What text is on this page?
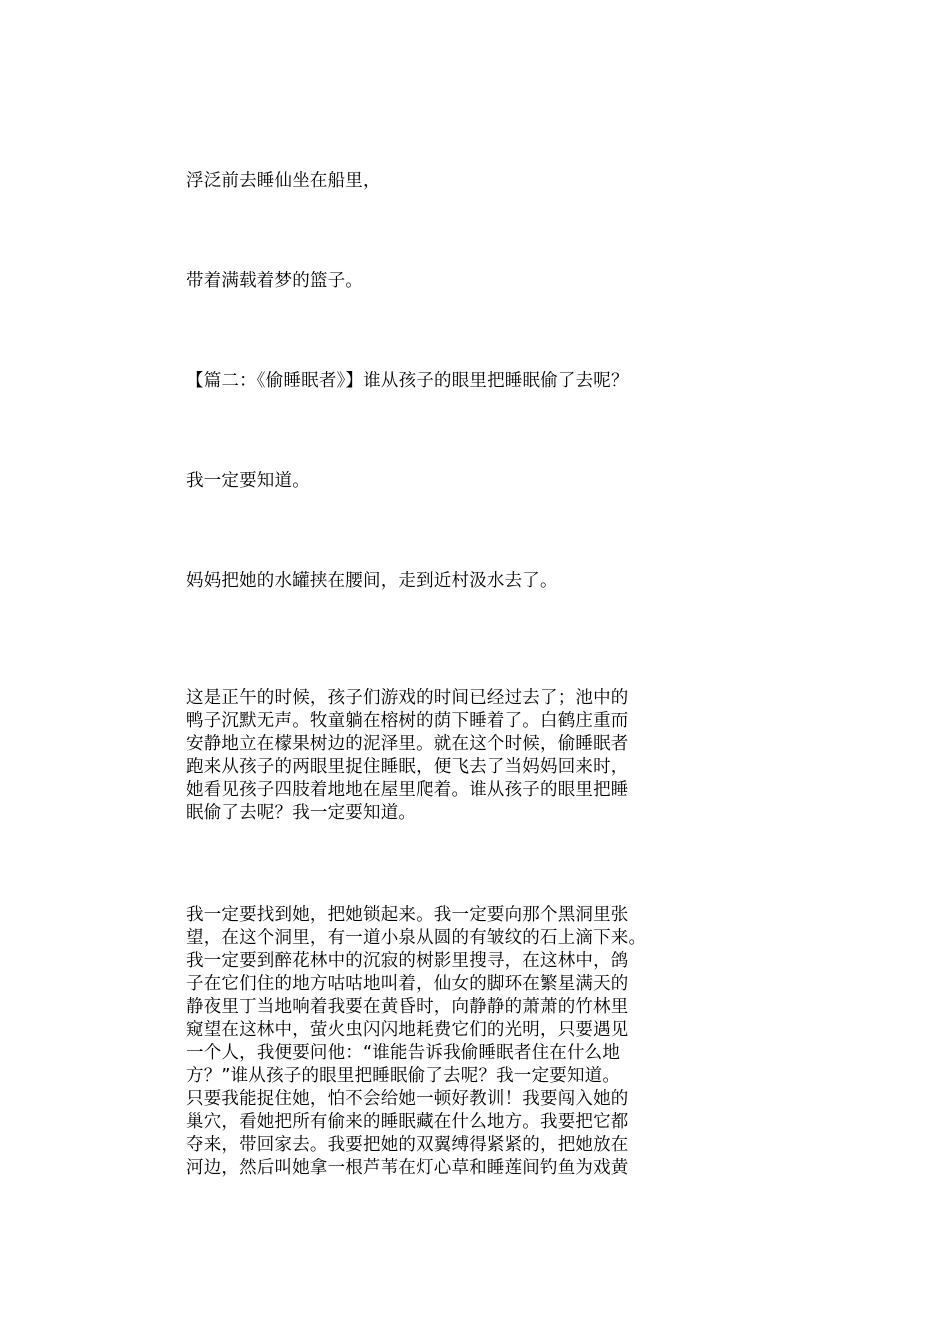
浮泛前去睡仙坐在船里，

带着满载着梦的篮子。

【篇二：《偷睡眠者》】谁从孩子的眼里把睡眠偷了去呢？

我一定要知道。

妈妈把她的水罐挟在腰间，走到近村汲水去了。

这是正午的时候，孩子们游戏的时间已经过去了；池中的
鸭子沉默无声。牧童躺在榕树的荫下睡着了。白鹤庄重而
安静地立在檬果树边的泥泽里。就在这个时候，偷睡眠者
跑来从孩子的两眼里捉住睡眠，便飞去了当妈妈回来时，
她看见孩子四肢着地地在屋里爬着。谁从孩子的眼里把睡
眠偷了去呢？我一定要知道。

我一定要找到她，把她锁起来。我一定要向那个黑洞里张
望，在这个洞里，有一道小泉从圆的有皱纹的石上滴下来。
我一定要到醉花林中的沉寂的树影里搜寻，在这林中，鸽
子在它们住的地方咕咕地叫着，仙女的脚环在繁星满天的
静夜里丁当地响着我要在黄昏时，向静静的萧萧的竹林里
窥望在这林中，萤火虫闪闪地耗费它们的光明，只要遇见
一个人，我便要问他：“谁能告诉我偷睡眠者住在什么地
方？”谁从孩子的眼里把睡眠偷了去呢？我一定要知道。
只要我能捉住她，怕不会给她一顿好教训！我要闯入她的
巢穴，看她把所有偷来的睡眠藏在什么地方。我要把它都
夺来，带回家去。我要把她的双翼缚得紧紧的，把她放在
河边，然后叫她拿一根芦苇在灯心草和睡莲间钓鱼为戏黄
